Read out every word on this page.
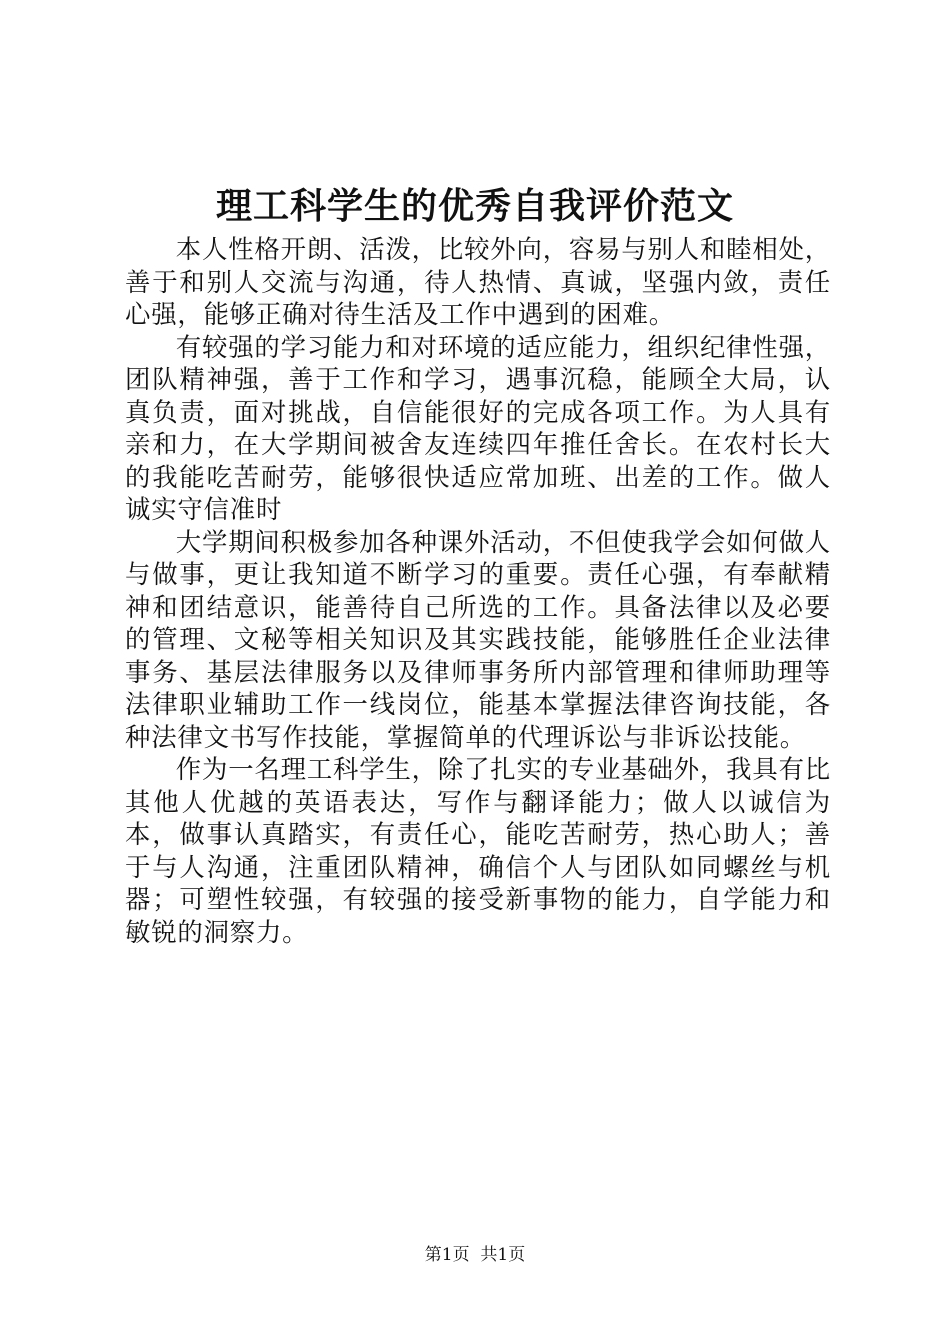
理工科学生的优秀自我评价范文

本人性格开朗、活泼，比较外向，容易与别人和睦相处，善于和别人交流与沟通，待人热情、真诚，坚强内敛，责任心强，能够正确对待生活及工作中遇到的困难。

有较强的学习能力和对环境的适应能力，组织纪律性强，团队精神强，善于工作和学习，遇事沉稳，能顾全大局，认真负责，面对挑战，自信能很好的完成各项工作。为人具有亲和力，在大学期间被舍友连续四年推任舍长。在农村长大的我能吃苦耐劳，能够很快适应常加班、出差的工作。做人诚实守信准时

大学期间积极参加各种课外活动，不但使我学会如何做人与做事，更让我知道不断学习的重要。责任心强，有奉献精神和团结意识，能善待自己所选的工作。具备法律以及必要的管理、文秘等相关知识及其实践技能，能够胜任企业法律事务、基层法律服务以及律师事务所内部管理和律师助理等法律职业辅助工作一线岗位，能基本掌握法律咨询技能，各种法律文书写作技能，掌握简单的代理诉讼与非诉讼技能。

作为一名理工科学生，除了扎实的专业基础外，我具有比其他人优越的英语表达，写作与翻译能力；做人以诚信为本，做事认真踏实，有责任心，能吃苦耐劳，热心助人；善于与人沟通，注重团队精神，确信个人与团队如同螺丝与机器；可塑性较强，有较强的接受新事物的能力，自学能力和敏锐的洞察力。

第1页  共1页
